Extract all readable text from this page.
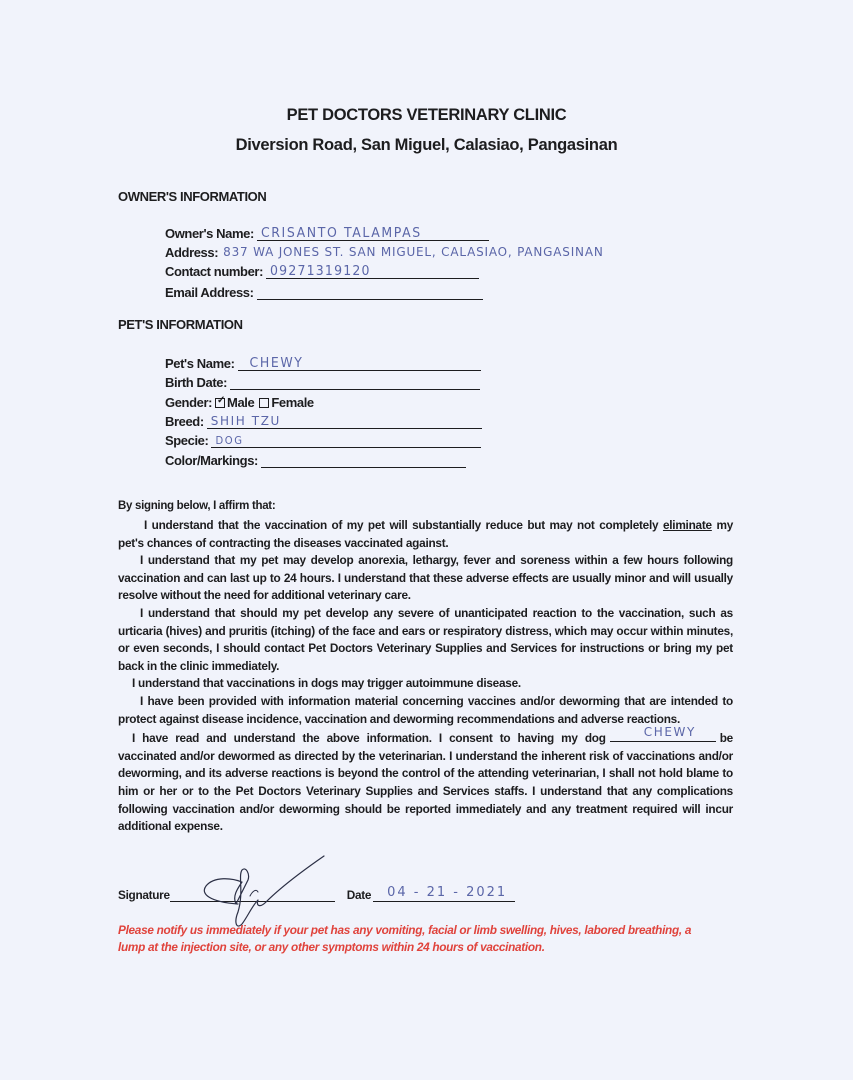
PET DOCTORS VETERINARY CLINIC
Diversion Road, San Miguel, Calasiao, Pangasinan
OWNER'S INFORMATION
Owner's Name: CRISANTO TALAMPAS
Address: 837 WA JONES ST. SAN MIGUEL, CALASIAO, PANGASINAN
Contact number: 09271319120
Email Address:
PET'S INFORMATION
Pet's Name: CHEWY
Birth Date:
Gender: ✓ Male Female
Breed: SHIH TZU
Specie: DOG
Color/Markings:
By signing below, I affirm that:

I understand that the vaccination of my pet will substantially reduce but may not completely eliminate my pet's chances of contracting the diseases vaccinated against.

I understand that my pet may develop anorexia, lethargy, fever and soreness within a few hours following vaccination and can last up to 24 hours. I understand that these adverse effects are usually minor and will usually resolve without the need for additional veterinary care.

I understand that should my pet develop any severe of unanticipated reaction to the vaccination, such as urticaria (hives) and pruritis (itching) of the face and ears or respiratory distress, which may occur within minutes, or even seconds, I should contact Pet Doctors Veterinary Supplies and Services for instructions or bring my pet back in the clinic immediately.

I understand that vaccinations in dogs may trigger autoimmune disease.

I have been provided with information material concerning vaccines and/or deworming that are intended to protect against disease incidence, vaccination and deworming recommendations and adverse reactions.

I have read and understand the above information. I consent to having my dog	CHEWY be vaccinated and/or dewormed as directed by the veterinarian. I understand the inherent risk of vaccinations and/or deworming, and its adverse reactions is beyond the control of the attending veterinarian, I shall not hold blame to him or her or to the Pet Doctors Veterinary Supplies and Services staffs. I understand that any complications following vaccination and/or deworming should be reported immediately and any treatment required will incur additional expense.

Signature	Date 04 - 21 - 2021
Please notify us immediately if your pet has any vomiting, facial or limb swelling, hives, labored breathing, a lump at the injection site, or any other symptoms within 24 hours of vaccination.
